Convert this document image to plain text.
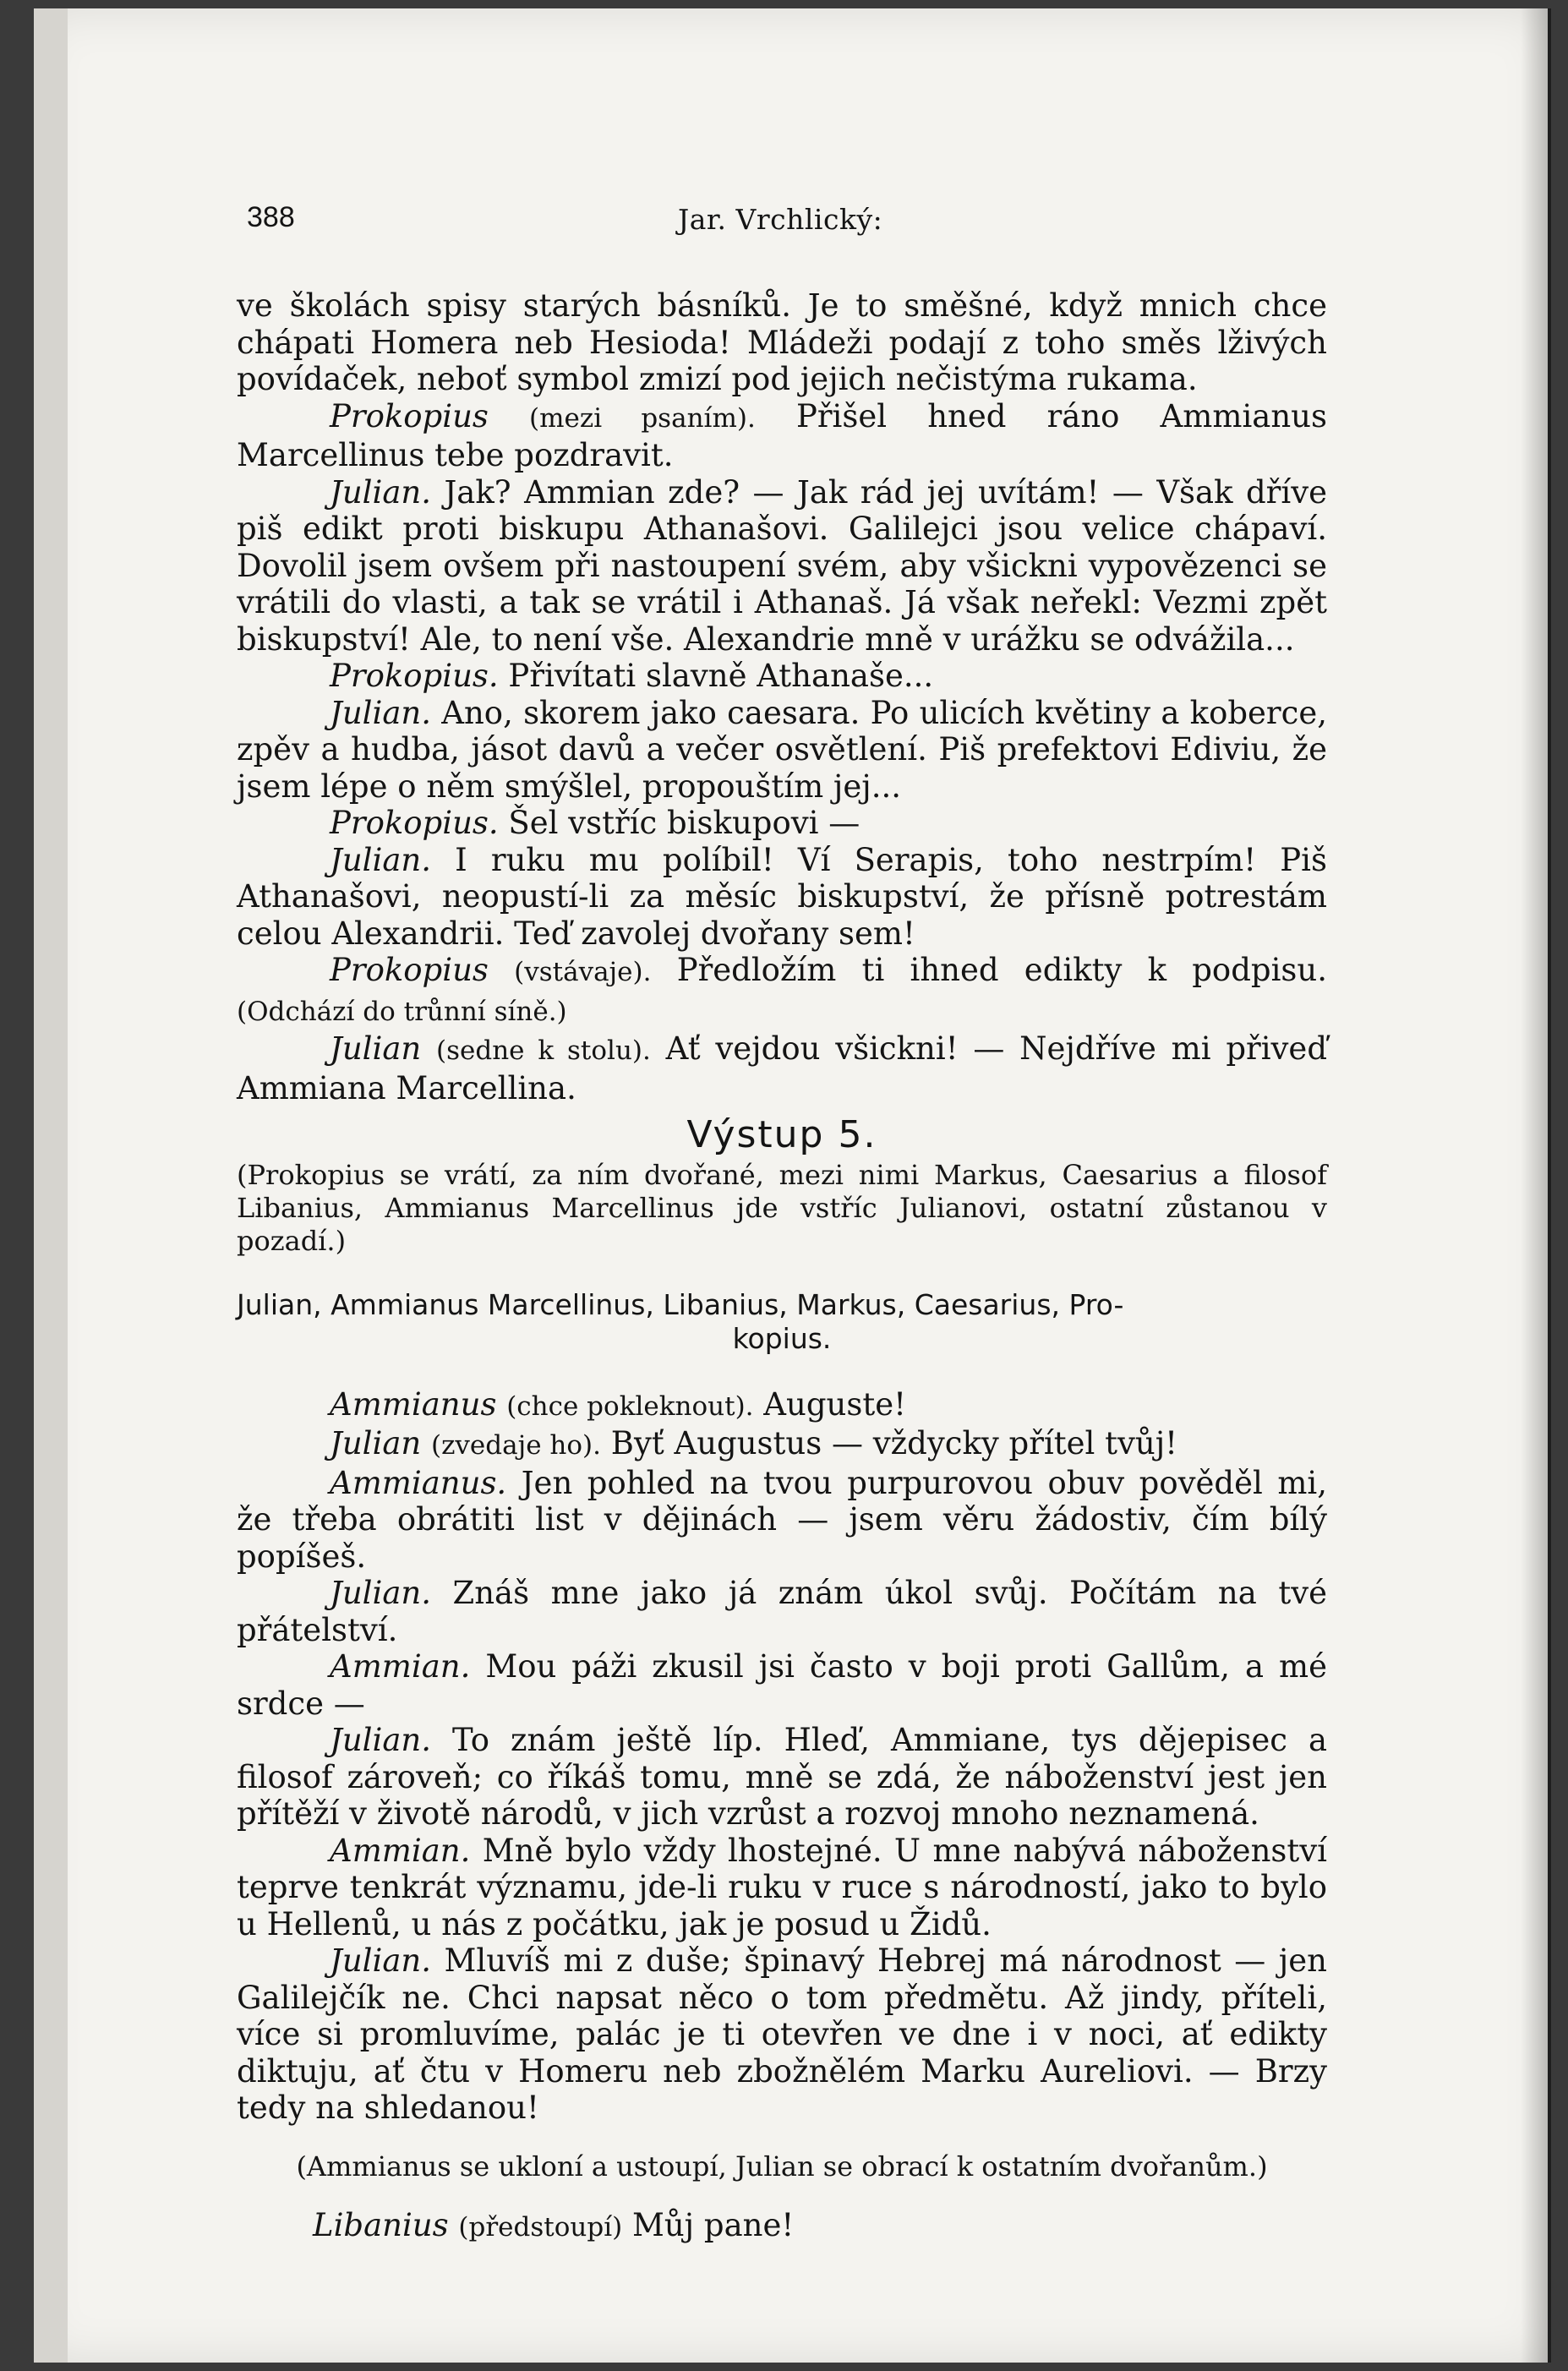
388	Jar. Vrchlický:

ve školách spisy starých básníků. Je to směšné, když mnich chce chápati Homera neb Hesioda! Mládeži podají z toho směs lživých povídaček, neboť symbol zmizí pod jejich nečistýma rukama.

Prokopius (mezi psaním). Přišel hned ráno Ammianus Marcellinus tebe pozdravit.

Julian. Jak? Ammian zde? — Jak rád jej uvítám! — Však dříve piš edikt proti biskupu Athanašovi. Galilejci jsou velice chápaví. Dovolil jsem ovšem při nastoupení svém, aby všickni vypovězenci se vrátili do vlasti, a tak se vrátil i Athanaš. Já však neřekl: Vezmi zpět biskupství! Ale, to není vše. Alexandrie mně v urážku se odvážila...

Prokopius. Přivítati slavně Athanaše...

Julian. Ano, skorem jako caesara. Po ulicích květiny a koberce, zpěv a hudba, jásot davů a večer osvětlení. Piš prefektovi Ediviu, že jsem lépe o něm smýšlel, propouštím jej...

Prokopius. Šel vstříc biskupovi —

Julian. I ruku mu políbil! Ví Serapis, toho nestrpím! Piš Athanašovi, neopustí-li za měsíc biskupství, že přísně potrestám celou Alexandrii. Teď zavolej dvořany sem!

Prokopius (vstávaje). Předložím ti ihned edikty k podpisu. (Odchází do trůnní síně.)

Julian (sedne k stolu). Ať vejdou všickni! — Nejdříve mi přiveď Ammiana Marcellina.

Výstup 5.

(Prokopius se vrátí, za ním dvořané, mezi nimi Markus, Caesarius a filosof Libanius, Ammianus Marcellinus jde vstříc Julianovi, ostatní zůstanou v pozadí.)

Julian, Ammianus Marcellinus, Libanius, Markus, Caesarius, Pro-
kopius.

Ammianus (chce pokleknout). Auguste!

Julian (zvedaje ho). Byť Augustus — vždycky přítel tvůj!

Ammianus. Jen pohled na tvou purpurovou obuv pověděl mi, že třeba obrátiti list v dějinách — jsem věru žádostiv, čím bílý popíšeš.

Julian. Znáš mne jako já znám úkol svůj. Počítám na tvé přátelství.

Ammian. Mou páži zkusil jsi často v boji proti Gallům, a mé srdce —

Julian. To znám ještě líp. Hleď, Ammiane, tys dějepisec a filosof zároveň; co říkáš tomu, mně se zdá, že náboženství jest jen přítěží v životě národů, v jich vzrůst a rozvoj mnoho neznamená.

Ammian. Mně bylo vždy lhostejné. U mne nabývá náboženství teprve tenkrát významu, jde-li ruku v ruce s národností, jako to bylo u Hellenů, u nás z počátku, jak je posud u Židů.

Julian. Mluvíš mi z duše; špinavý Hebrej má národnost — jen Galilejčík ne. Chci napsat něco o tom předmětu. Až jindy, příteli, více si promluvíme, palác je ti otevřen ve dne i v noci, ať edikty diktuju, ať čtu v Homeru neb zbožnělém Marku Aureliovi. — Brzy tedy na shledanou!

(Ammianus se ukloní a ustoupí, Julian se obrací k ostatním dvořanům.)

Libanius (předstoupí) Můj pane!
